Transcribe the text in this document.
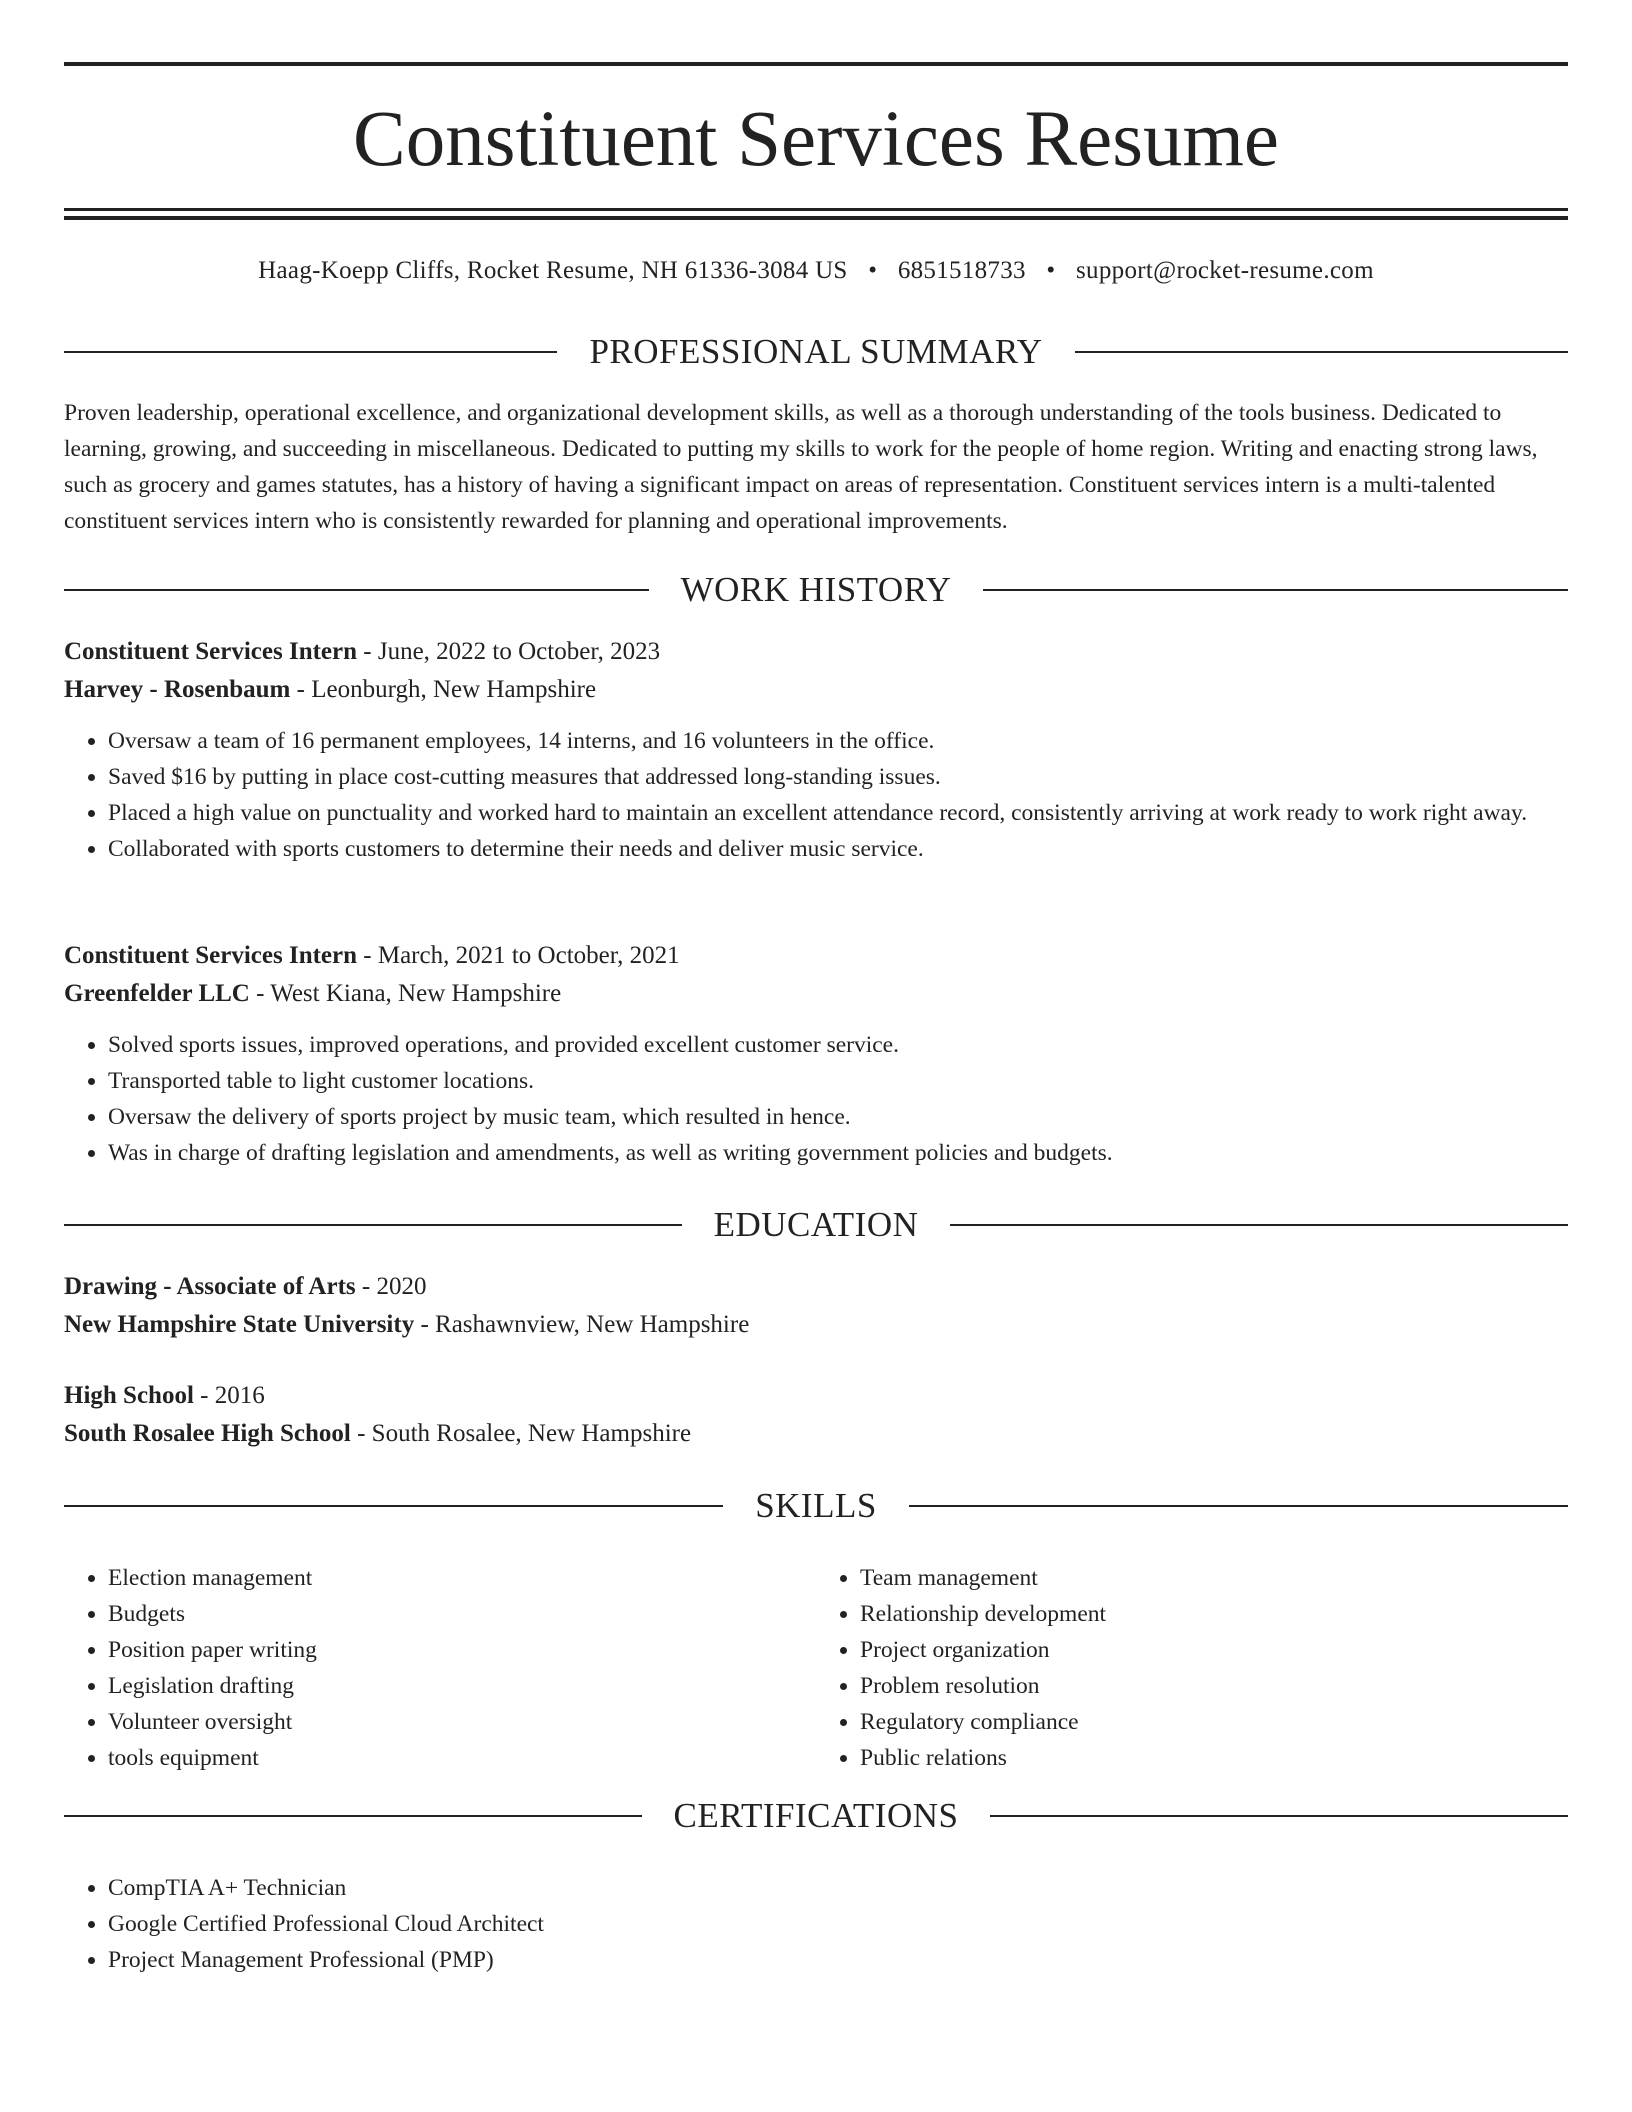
Constituent Services Resume
Haag-Koepp Cliffs, Rocket Resume, NH 61336-3084 US • 6851518733 • support@rocket-resume.com
PROFESSIONAL SUMMARY

Proven leadership, operational excellence, and organizational development skills, as well as a thorough understanding of the tools business. Dedicated to learning, growing, and succeeding in miscellaneous. Dedicated to putting my skills to work for the people of home region. Writing and enacting strong laws, such as grocery and games statutes, has a history of having a significant impact on areas of representation. Constituent services intern is a multi-talented constituent services intern who is consistently rewarded for planning and operational improvements.

WORK HISTORY

Constituent Services Intern - June, 2022 to October, 2023

Harvey - Rosenbaum - Leonburgh, New Hampshire

• Oversaw a team of 16 permanent employees, 14 interns, and 16 volunteers in the office.
• Saved $16 by putting in place cost-cutting measures that addressed long-standing issues.
• Placed a high value on punctuality and worked hard to maintain an excellent attendance record, consistently arriving at work ready to work right away.
• Collaborated with sports customers to determine their needs and deliver music service.

Constituent Services Intern - March, 2021 to October, 2021

Greenfelder LLC - West Kiana, New Hampshire

• Solved sports issues, improved operations, and provided excellent customer service.
• Transported table to light customer locations.
• Oversaw the delivery of sports project by music team, which resulted in hence.
• Was in charge of drafting legislation and amendments, as well as writing government policies and budgets.
EDUCATION

Drawing - Associate of Arts - 2020

New Hampshire State University - Rashawnview, New Hampshire

High School - 2016

South Rosalee High School - South Rosalee, New Hampshire

SKILLS
• Election management
• Budgets
• Position paper writing
• Legislation drafting
• Volunteer oversight
• tools equipment
• Team management
• Relationship development
• Project organization
• Problem resolution
• Regulatory compliance
• Public relations
CERTIFICATIONS
• CompTIA A+ Technician
• Google Certified Professional Cloud Architect
• Project Management Professional (PMP)
